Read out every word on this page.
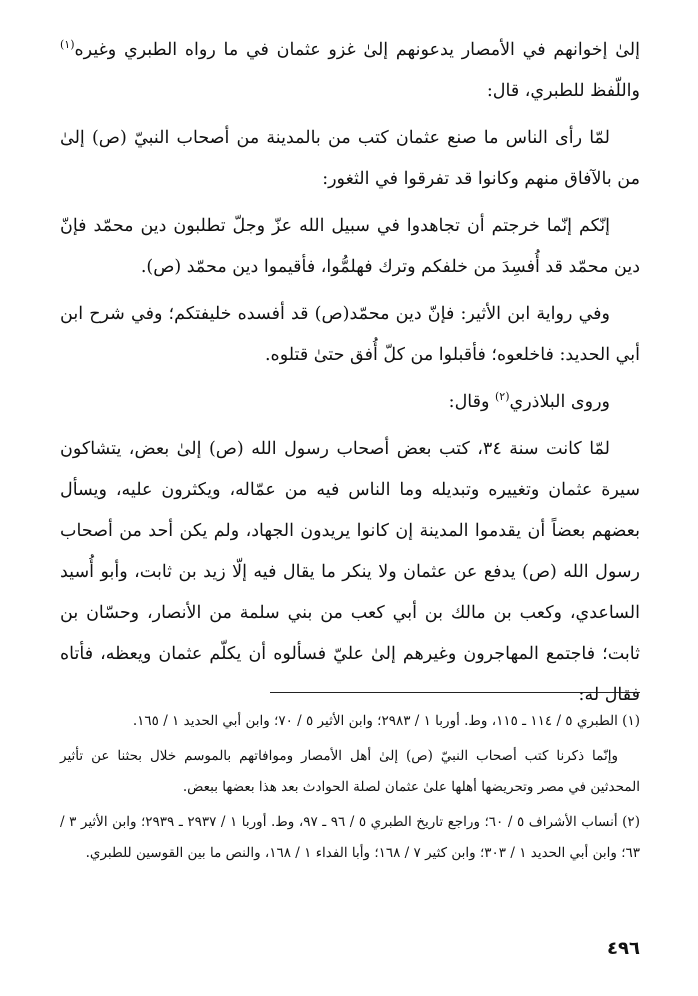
إلىٰ إخوانهم في الأمصار يدعونهم إلىٰ غزو عثمان في ما رواه الطبري وغيره$^{(١)}$ واللّفظ للطبري، قال:

لمّا رأى الناس ما صنع عثمان كتب من بالمدينة من أصحاب النبيّ (ص) إلىٰ من بالآفاق منهم وكانوا قد تفرقوا في الثغور:

إنّكم إنّما خرجتم أن تجاهدوا في سبيل الله عزّ وجلّ تطلبون دين محمّد فإنّ دين محمّد قد أُفسِدَ من خلفكم وترك فهلمُّوا، فأقيموا دين محمّد (ص).

وفي رواية ابن الأثير: فإنّ دين محمّد(ص) قد أفسده خليفتكم؛ وفي شرح ابن أبي الحديد: فاخلعوه؛ فأقبلوا من كلّ أُفق حتىٰ قتلوه.

وروى البلاذري$^{(٢)}$ وقال:

لمّا كانت سنة ٣٤، كتب بعض أصحاب رسول الله (ص) إلىٰ بعض، يتشاكون سيرة عثمان وتغييره وتبديله وما الناس فيه من عمّاله، ويكثرون عليه، ويسأل بعضهم بعضاً أن يقدموا المدينة إن كانوا يريدون الجهاد، ولم يكن أحد من أصحاب رسول الله (ص) يدفع عن عثمان ولا ينكر ما يقال فيه إلّا زيد بن ثابت، وأبو أُسيد الساعدي، وكعب بن مالك بن أبي كعب من بني سلمة من الأنصار، وحسّان بن ثابت؛ فاجتمع المهاجرون وغيرهم إلىٰ عليّ فسألوه أن يكلّم عثمان ويعظه، فأتاه فقال له:

(١) الطبري ٥ / ١١٤ ـ ١١٥، وط. أوربا ١ / ٢٩٨٣؛ وابن الأثير ٥ / ٧٠؛ وابن أبي الحديد ١ / ١٦٥.

وإنّما ذكرنا كتب أصحاب النبيّ (ص) إلىٰ أهل الأمصار وموافاتهم بالموسم خلال بحثنا عن تأثير المحدثين في مصر وتحريضها أهلها علىٰ عثمان لصلة الحوادث بعد هذا بعضها ببعض.

(٢) أنساب الأشراف ٥ / ٦٠؛ وراجع تاريخ الطبري ٥ / ٩٦ ـ ٩٧، وط. أوربا ١ / ٢٩٣٧ ـ ٢٩٣٩؛ وابن الأثير ٣ / ٦٣؛ وابن أبي الحديد ١ / ٣٠٣؛ وابن كثير ٧ / ١٦٨؛ وأبا الفداء ١ / ١٦٨، والنص ما بين القوسين للطبري.

٤٩٦
